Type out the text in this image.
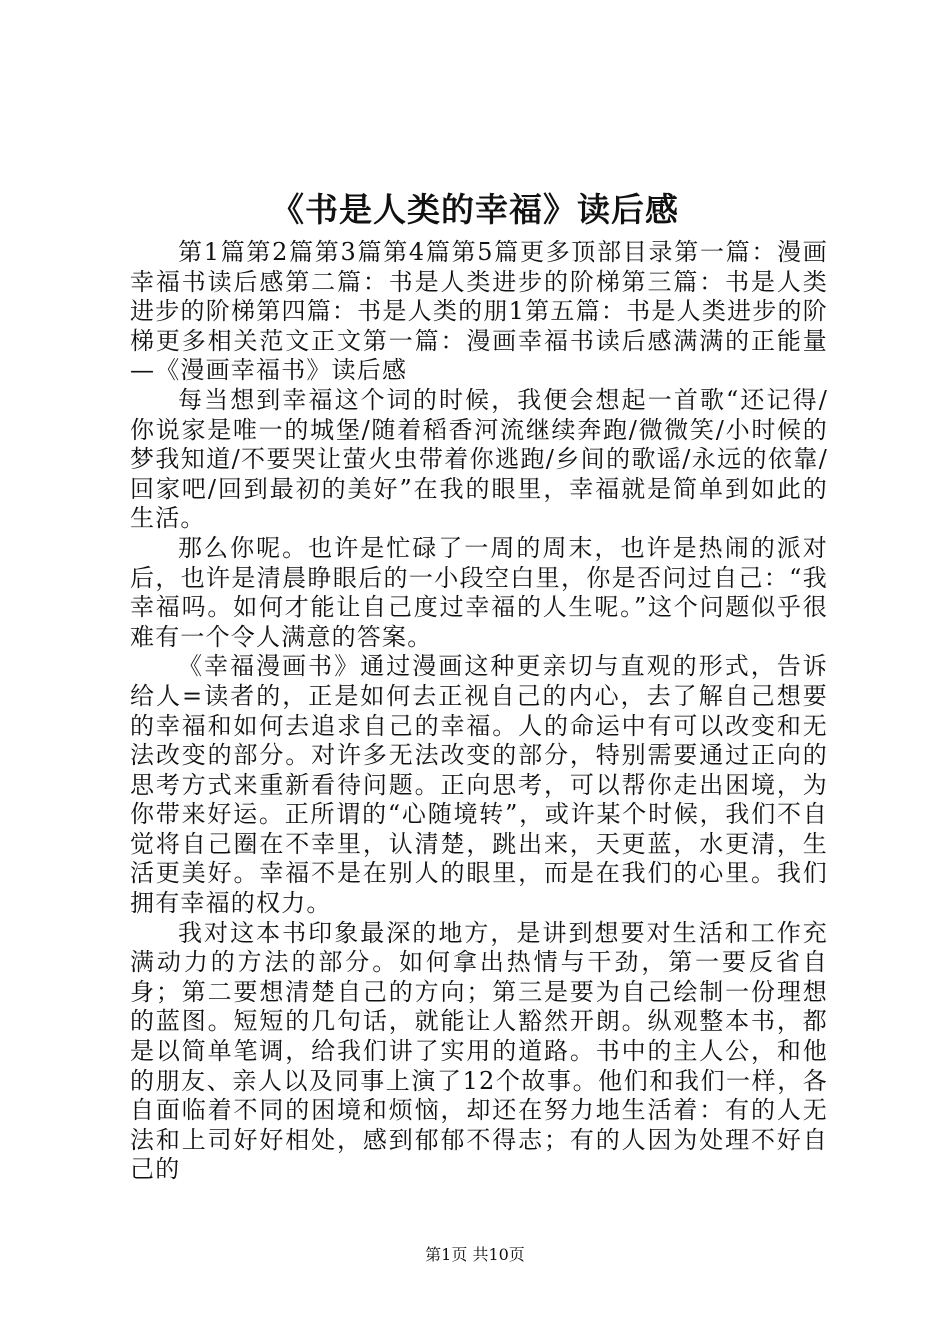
《书是人类的幸福》读后感

第1篇第2篇第3篇第4篇第5篇更多顶部目录第一篇：漫画幸福书读后感第二篇：书是人类进步的阶梯第三篇：书是人类进步的阶梯第四篇：书是人类的朋1第五篇：书是人类进步的阶梯更多相关范文正文第一篇：漫画幸福书读后感满满的正能量—《漫画幸福书》读后感

每当想到幸福这个词的时候，我便会想起一首歌“还记得/你说家是唯一的城堡/随着稻香河流继续奔跑/微微笑/小时候的梦我知道/不要哭让萤火虫带着你逃跑/乡间的歌谣/永远的依靠/回家吧/回到最初的美好”在我的眼里，幸福就是简单到如此的生活。

那么你呢。也许是忙碌了一周的周末，也许是热闹的派对后，也许是清晨睁眼后的一小段空白里，你是否问过自己：“我幸福吗。如何才能让自己度过幸福的人生呢。”这个问题似乎很难有一个令人满意的答案。

《幸福漫画书》通过漫画这种更亲切与直观的形式，告诉给人=读者的，正是如何去正视自己的内心，去了解自己想要的幸福和如何去追求自己的幸福。人的命运中有可以改变和无法改变的部分。对许多无法改变的部分，特别需要通过正向的思考方式来重新看待问题。正向思考，可以帮你走出困境，为你带来好运。正所谓的“心随境转”，或许某个时候，我们不自觉将自己圈在不幸里，认清楚，跳出来，天更蓝，水更清，生活更美好。幸福不是在别人的眼里，而是在我们的心里。我们拥有幸福的权力。

我对这本书印象最深的地方，是讲到想要对生活和工作充满动力的方法的部分。如何拿出热情与干劲，第一要反省自身；第二要想清楚自己的方向；第三是要为自己绘制一份理想的蓝图。短短的几句话，就能让人豁然开朗。纵观整本书，都是以简单笔调，给我们讲了实用的道路。书中的主人公，和他的朋友、亲人以及同事上演了12个故事。他们和我们一样，各自面临着不同的困境和烦恼，却还在努力地生活着：有的人无法和上司好好相处，感到郁郁不得志；有的人因为处理不好自己的

第1页 共10页
